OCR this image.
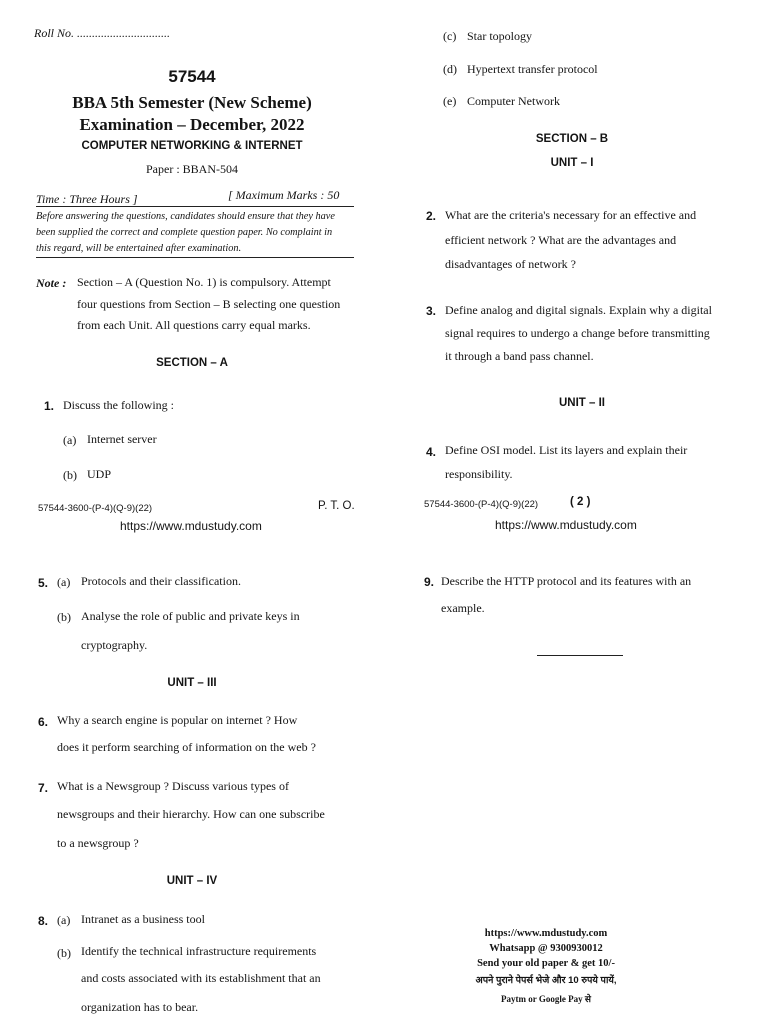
Roll No. ...............................
57544
BBA 5th Semester (New Scheme)
Examination – December, 2022
COMPUTER NETWORKING & INTERNET
Paper : BBAN-504
Time : Three Hours ]	[ Maximum Marks : 50
Before answering the questions, candidates should ensure that they have
been supplied the correct and complete question paper. No complaint in
this regard, will be entertained after examination.
Note : Section – A (Question No. 1) is compulsory. Attempt
four questions from Section – B selecting one question
from each Unit. All questions carry equal marks.
SECTION – A
1. Discuss the following :
(a) Internet server
(b) UDP
57544-3600-(P-4)(Q-9)(22)	P. T. O.
https://www.mdustudy.com
(c) Star topology
(d) Hypertext transfer protocol
(e) Computer Network
SECTION – B
UNIT – I
2. What are the criteria's necessary for an effective and
efficient network ? What are the advantages and
disadvantages of network ?
3. Define analog and digital signals. Explain why a digital
signal requires to undergo a change before transmitting
it through a band pass channel.
UNIT – II
4. Define OSI model. List its layers and explain their
responsibility.
57544-3600-(P-4)(Q-9)(22)	( 2 )
https://www.mdustudy.com
5. (a) Protocols and their classification.
(b) Analyse the role of public and private keys in
cryptography.
UNIT – III
6. Why a search engine is popular on internet ? How
does it perform searching of information on the web ?
7. What is a Newsgroup ? Discuss various types of
newsgroups and their hierarchy. How can one subscribe
to a newsgroup ?
UNIT – IV
8. (a) Intranet as a business tool
(b) Identify the technical infrastructure requirements
and costs associated with its establishment that an
organization has to bear.
9. Describe the HTTP protocol and its features with an
example.
https://www.mdustudy.com
Whatsapp @ 9300930012
Send your old paper & get 10/-
अपने पुराने पेपर्स भेजे और 10 रुपये पायें,
Paytm or Google Pay से
